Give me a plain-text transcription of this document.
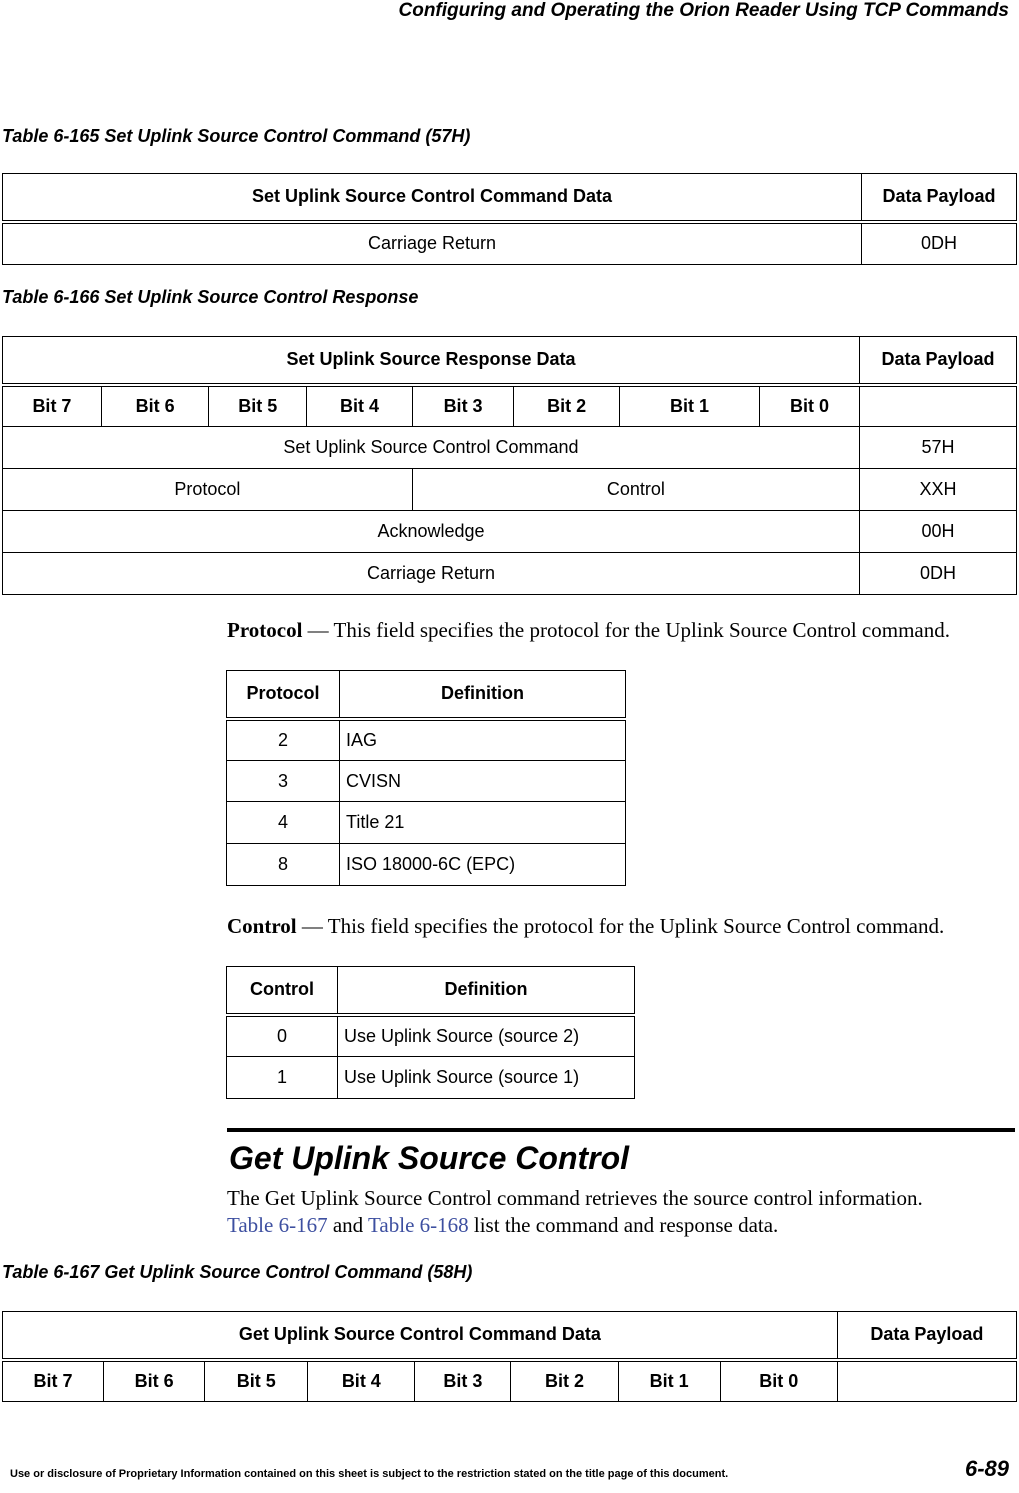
Configuring and Operating the Orion Reader Using TCP Commands
Table 6-165 Set Uplink Source Control Command (57H)
Set Uplink Source Control Command Data	Data Payload
Carriage Return	0DH
Table 6-166 Set Uplink Source Control Response
Set Uplink Source Response Data								Data Payload
Bit 7	Bit 6	Bit 5	Bit 4	Bit 3	Bit 2	Bit 1	Bit 0	
Set Uplink Source Control Command								57H
Protocol				Control				XXH
Acknowledge								00H
Carriage Return								0DH
Protocol — This field specifies the protocol for the Uplink Source Control command.
Protocol	Definition
2	IAG
3	CVISN
4	Title 21
8	ISO 18000-6C (EPC)
Control — This field specifies the protocol for the Uplink Source Control command.
Control	Definition
0	Use Uplink Source (source 2)
1	Use Uplink Source (source 1)
Get Uplink Source Control
The Get Uplink Source Control command retrieves the source control information.
Table 6-167 and Table 6-168 list the command and response data.
Table 6-167 Get Uplink Source Control Command (58H)
Get Uplink Source Control Command Data								Data Payload
Bit 7	Bit 6	Bit 5	Bit 4	Bit 3	Bit 2	Bit 1	Bit 0	
Use or disclosure of Proprietary Information contained on this sheet is subject to the restriction stated on the title page of this document.	6-89
